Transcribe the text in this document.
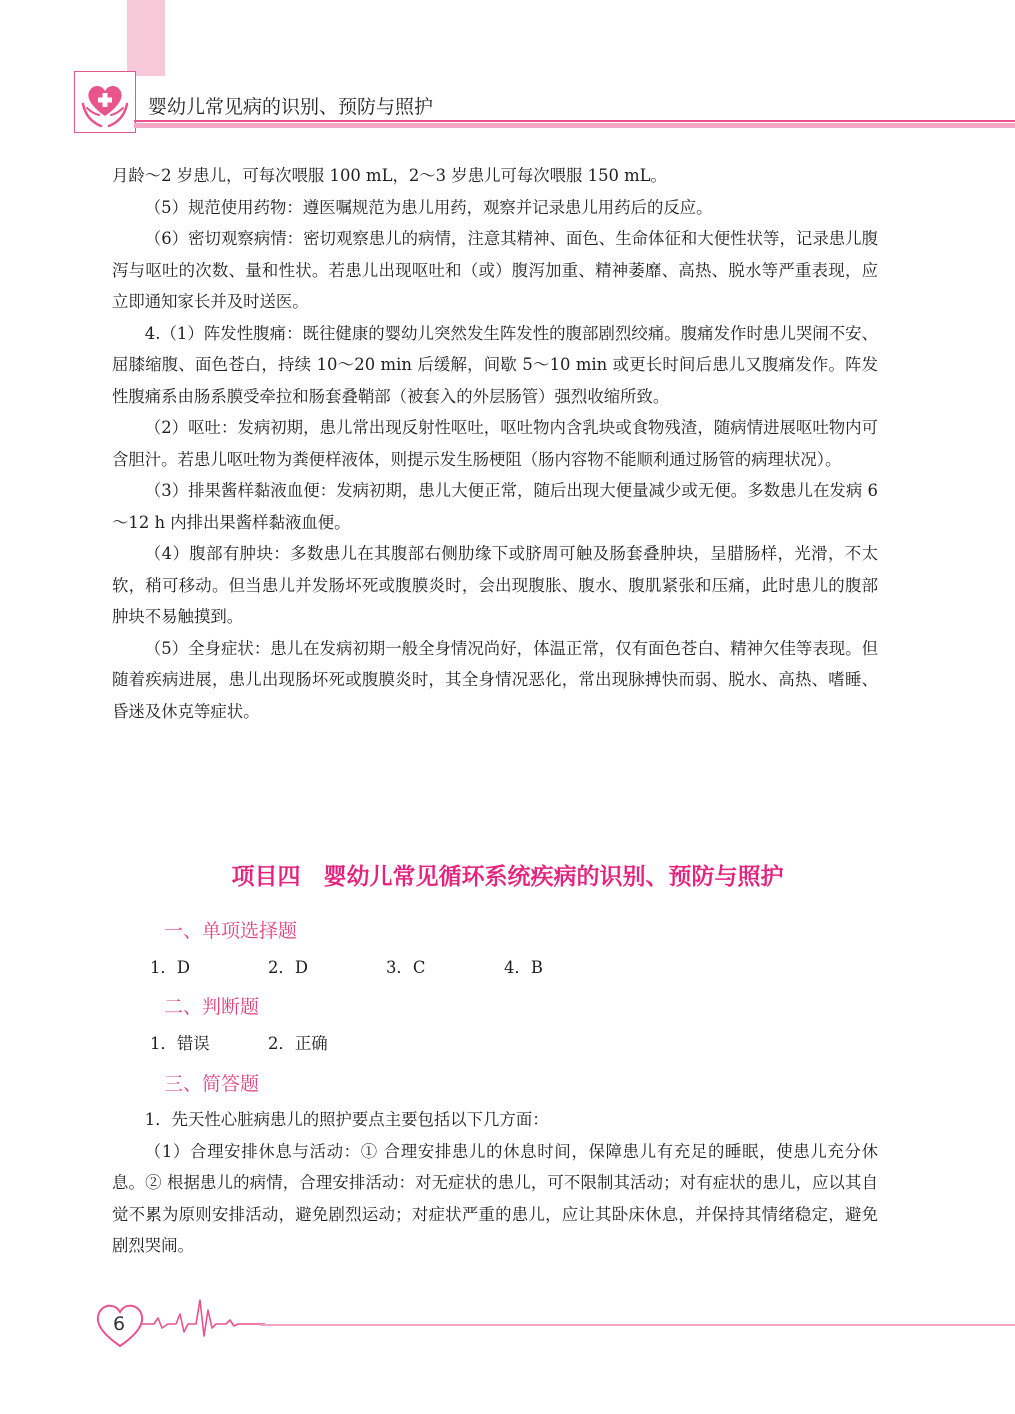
婴幼儿常见病的识别、预防与照护

月龄～2 岁患儿，可每次喂服 100 mL，2～3 岁患儿可每次喂服 150 mL。

（5）规范使用药物：遵医嘱规范为患儿用药，观察并记录患儿用药后的反应。

（6）密切观察病情：密切观察患儿的病情，注意其精神、面色、生命体征和大便性状等，记录患儿腹泻与呕吐的次数、量和性状。若患儿出现呕吐和（或）腹泻加重、精神萎靡、高热、脱水等严重表现，应立即通知家长并及时送医。

4.（1）阵发性腹痛：既往健康的婴幼儿突然发生阵发性的腹部剧烈绞痛。腹痛发作时患儿哭闹不安、屈膝缩腹、面色苍白，持续 10～20 min 后缓解，间歇 5～10 min 或更长时间后患儿又腹痛发作。阵发性腹痛系由肠系膜受牵拉和肠套叠鞘部（被套入的外层肠管）强烈收缩所致。

（2）呕吐：发病初期，患儿常出现反射性呕吐，呕吐物内含乳块或食物残渣，随病情进展呕吐物内可含胆汁。若患儿呕吐物为粪便样液体，则提示发生肠梗阻（肠内容物不能顺利通过肠管的病理状况）。

（3）排果酱样黏液血便：发病初期，患儿大便正常，随后出现大便量减少或无便。多数患儿在发病 6～12 h 内排出果酱样黏液血便。

（4）腹部有肿块：多数患儿在其腹部右侧肋缘下或脐周可触及肠套叠肿块，呈腊肠样，光滑，不太软，稍可移动。但当患儿并发肠坏死或腹膜炎时，会出现腹胀、腹水、腹肌紧张和压痛，此时患儿的腹部肿块不易触摸到。

（5）全身症状：患儿在发病初期一般全身情况尚好，体温正常，仅有面色苍白、精神欠佳等表现。但随着疾病进展，患儿出现肠坏死或腹膜炎时，其全身情况恶化，常出现脉搏快而弱、脱水、高热、嗜睡、昏迷及休克等症状。

项目四　婴幼儿常见循环系统疾病的识别、预防与照护
一、单项选择题
1．D	2．D	3．C	4．B
二、判断题
1．错误	2．正确
三、简答题

1．先天性心脏病患儿的照护要点主要包括以下几方面：

（1）合理安排休息与活动：① 合理安排患儿的休息时间，保障患儿有充足的睡眠，使患儿充分休息。② 根据患儿的病情，合理安排活动：对无症状的患儿，可不限制其活动；对有症状的患儿，应以其自觉不累为原则安排活动，避免剧烈运动；对症状严重的患儿，应让其卧床休息，并保持其情绪稳定，避免剧烈哭闹。

6
